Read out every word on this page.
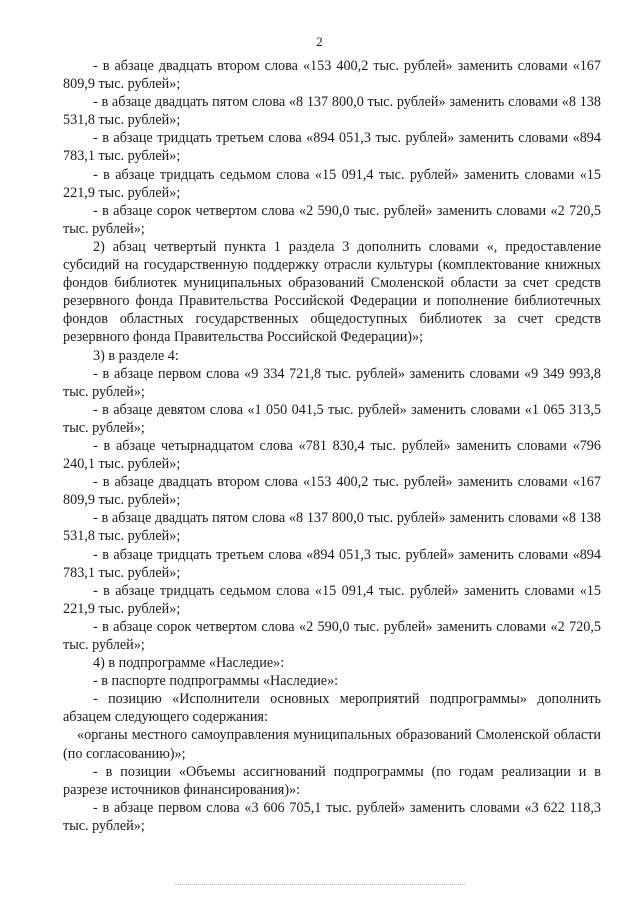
2

- в абзаце двадцать втором слова «153 400,2 тыс. рублей» заменить словами «167 809,9 тыс. рублей»;

- в абзаце двадцать пятом слова «8 137 800,0 тыс. рублей» заменить словами «8 138 531,8 тыс. рублей»;

- в абзаце тридцать третьем слова «894 051,3 тыс. рублей» заменить словами «894 783,1 тыс. рублей»;

- в абзаце тридцать седьмом слова «15 091,4 тыс. рублей» заменить словами «15 221,9 тыс. рублей»;

- в абзаце сорок четвертом слова «2 590,0 тыс. рублей» заменить словами «2 720,5 тыс. рублей»;

2) абзац четвертый пункта 1 раздела 3 дополнить словами «, предоставление субсидий на государственную поддержку отрасли культуры (комплектование книжных фондов библиотек муниципальных образований Смоленской области за счет средств резервного фонда Правительства Российской Федерации и пополнение библиотечных фондов областных государственных общедоступных библиотек за счет средств резервного фонда Правительства Российской Федерации)»;

3) в разделе 4:

- в абзаце первом слова «9 334 721,8 тыс. рублей» заменить словами «9 349 993,8 тыс. рублей»;

- в абзаце девятом слова «1 050 041,5 тыс. рублей» заменить словами «1 065 313,5 тыс. рублей»;

- в абзаце четырнадцатом слова «781 830,4 тыс. рублей» заменить словами «796 240,1 тыс. рублей»;

- в абзаце двадцать втором слова «153 400,2 тыс. рублей» заменить словами «167 809,9 тыс. рублей»;

- в абзаце двадцать пятом слова «8 137 800,0 тыс. рублей» заменить словами «8 138 531,8 тыс. рублей»;

- в абзаце тридцать третьем слова «894 051,3 тыс. рублей» заменить словами «894 783,1 тыс. рублей»;

- в абзаце тридцать седьмом слова «15 091,4 тыс. рублей» заменить словами «15 221,9 тыс. рублей»;

- в абзаце сорок четвертом слова «2 590,0 тыс. рублей» заменить словами «2 720,5 тыс. рублей»;

4) в подпрограмме «Наследие»:

- в паспорте подпрограммы «Наследие»:

- позицию «Исполнители основных мероприятий подпрограммы» дополнить абзацем следующего содержания:

«органы местного самоуправления муниципальных образований Смоленской области (по согласованию)»;

- в позиции «Объемы ассигнований подпрограммы (по годам реализации и в разрезе источников финансирования)»:

- в абзаце первом слова «3 606 705,1 тыс. рублей» заменить словами «3 622 118,3 тыс. рублей»;
